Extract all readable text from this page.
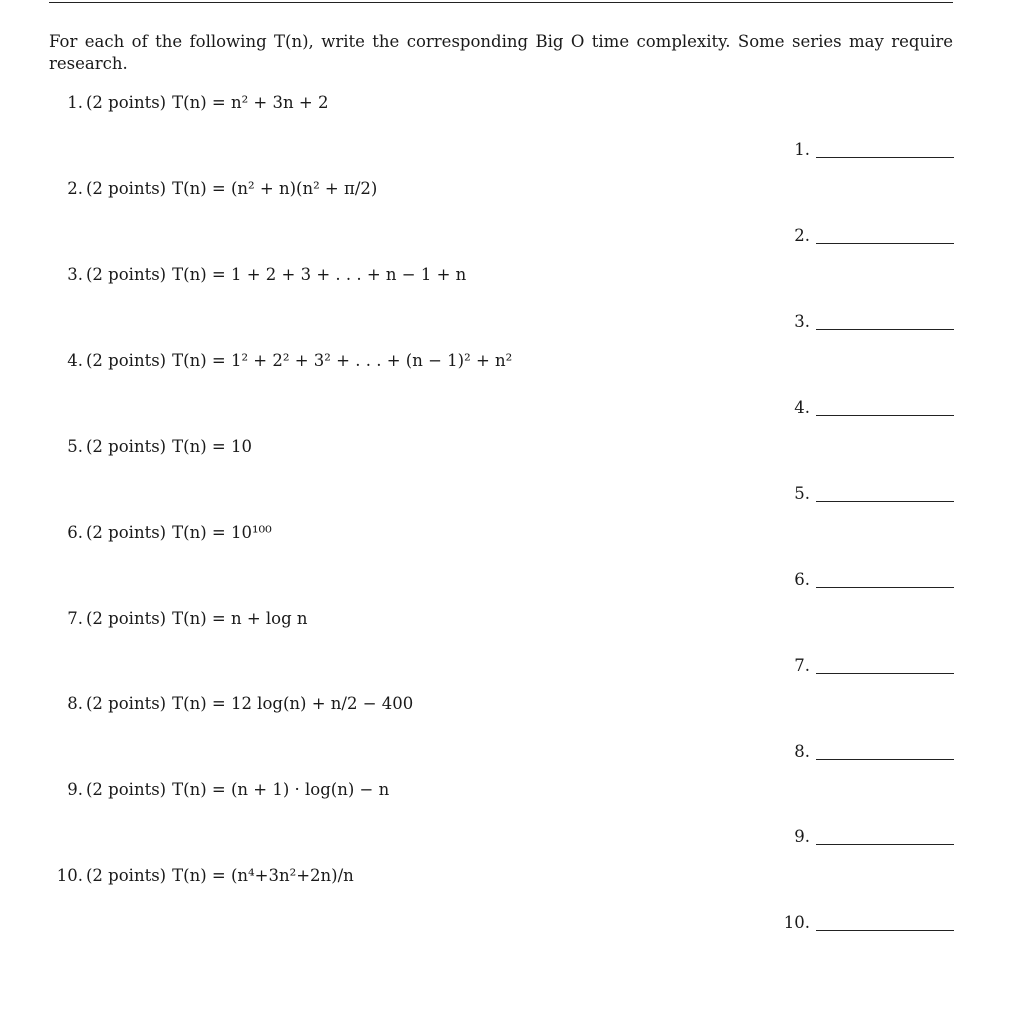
For each of the following T(n), write the corresponding Big O time complexity. Some series may require
research.
1. (2 points) T(n) = n² + 3n + 2
2. (2 points) T(n) = (n² + n)(n² + π/2)
3. (2 points) T(n) = 1 + 2 + 3 + . . . + n − 1 + n
4. (2 points) T(n) = 1² + 2² + 3² + . . . + (n − 1)² + n²
5. (2 points) T(n) = 10
6. (2 points) T(n) = 10¹⁰⁰
7. (2 points) T(n) = n + log n
8. (2 points) T(n) = 12 log(n) + n/2 − 400
9. (2 points) T(n) = (n + 1) · log(n) − n
10. (2 points) T(n) = (n⁴+3n²+2n)/n
1.
2.
3.
4.
5.
6.
7.
8.
9.
10.
